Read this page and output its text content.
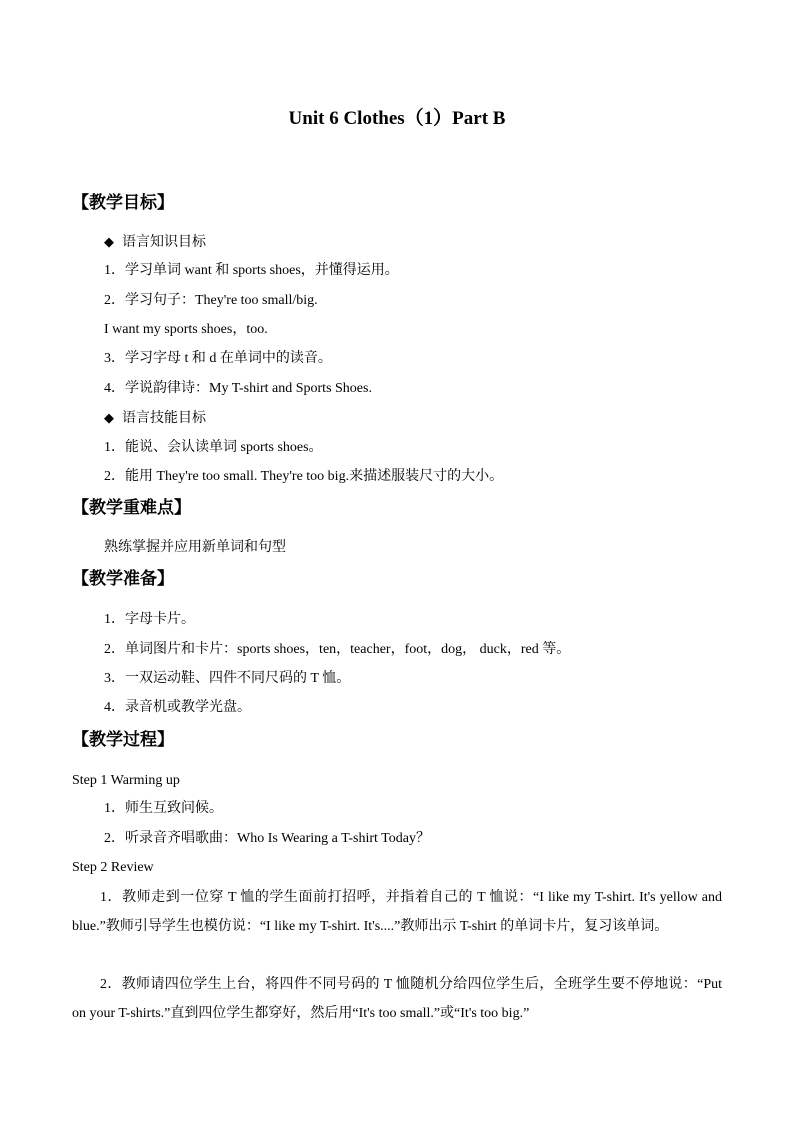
Unit 6 Clothes（1）Part B
【教学目标】
◆ 语言知识目标
1．学习单词 want 和 sports shoes，并懂得运用。
2．学习句子：They're too small/big.
I want my sports shoes，too.
3．学习字母 t 和 d 在单词中的读音。
4．学说韵律诗：My T-shirt and Sports Shoes.
◆ 语言技能目标
1．能说、会认读单词 sports shoes。
2．能用 They're too small. They're too big.来描述服装尺寸的大小。
【教学重难点】
熟练掌握并应用新单词和句型
【教学准备】
1．字母卡片。
2．单词图片和卡片：sports shoes，ten，teacher，foot，dog， duck，red 等。
3．一双运动鞋、四件不同尺码的 T 恤。
4．录音机或教学光盘。
【教学过程】
Step 1 Warming up
1．师生互致问候。
2．听录音齐唱歌曲：Who Is Wearing a T-shirt Today？
Step 2 Review
1．教师走到一位穿 T 恤的学生面前打招呼，并指着自己的 T 恤说：“I like my T-shirt. It's yellow and blue.”教师引导学生也模仿说：“I like my T-shirt. It's....”教师出示 T-shirt 的单词卡片，复习该单词。
2．教师请四位学生上台，将四件不同号码的 T 恤随机分给四位学生后，全班学生要不停地说：“Put on your T-shirts.”直到四位学生都穿好，然后用“It's too small.”或“It's too big.”
